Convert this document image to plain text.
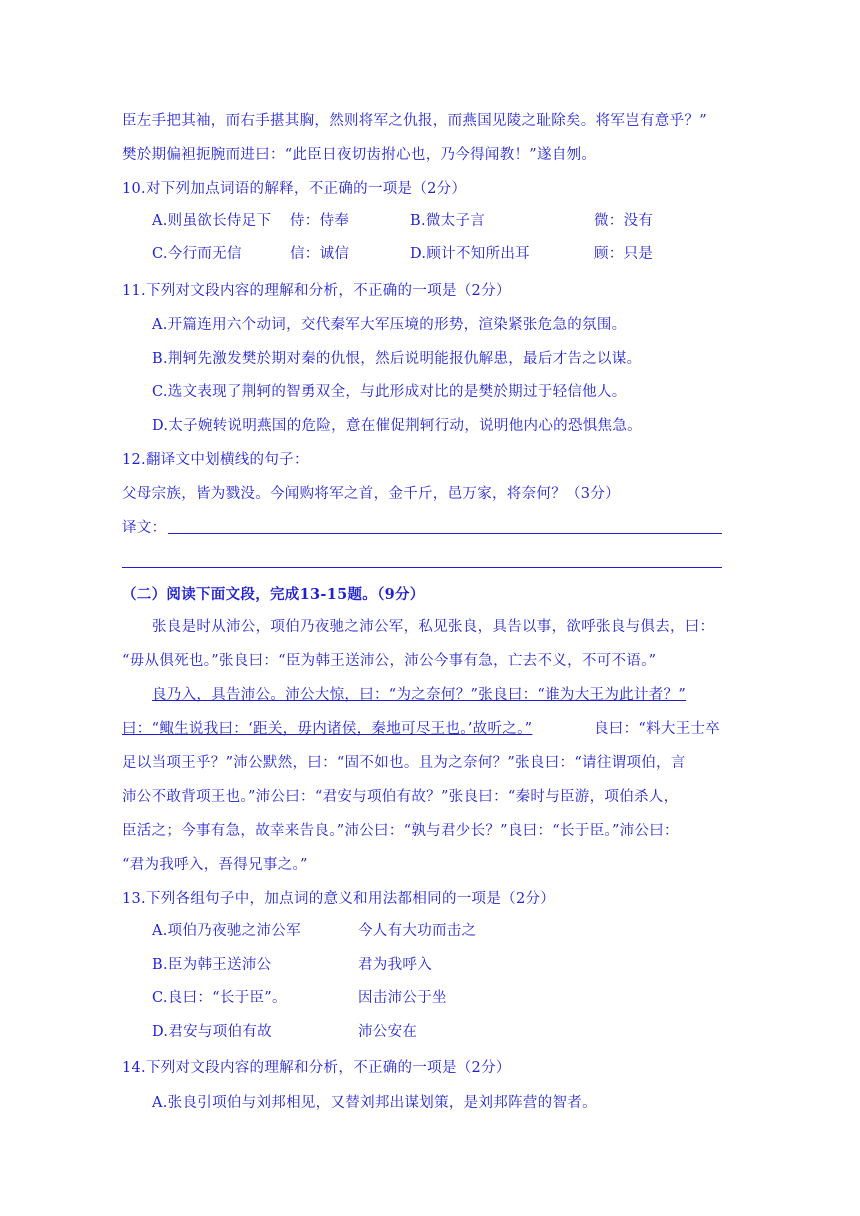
臣左手把其袖，而右手揕其胸，然则将军之仇报，而燕国见陵之耻除矣。将军岂有意乎？”
樊於期偏袒扼腕而进曰：“此臣日夜切齿拊心也，乃今得闻教！”遂自刎。
10.对下列加点词语的解释，不正确的一项是（2分）
A.则虽欲长侍足下 侍：侍奉	B.微太子言	微：没有
C.今行而无信	信：诚信	D.顾计不知所出耳	顾：只是
11.下列对文段内容的理解和分析，不正确的一项是（2分）
A.开篇连用六个动词，交代秦军大军压境的形势，渲染紧张危急的氛围。
B.荆轲先激发樊於期对秦的仇恨，然后说明能报仇解患，最后才告之以谋。
C.选文表现了荆轲的智勇双全，与此形成对比的是樊於期过于轻信他人。
D.太子婉转说明燕国的危险，意在催促荆轲行动，说明他内心的恐惧焦急。
12.翻译文中划横线的句子：
父母宗族，皆为戮没。今闻购将军之首，金千斤，邑万家，将奈何？（3分）
译文：
（二）阅读下面文段，完成13-15题。（9分）
张良是时从沛公，项伯乃夜驰之沛公军，私见张良，具告以事，欲呼张良与俱去，曰：
“毋从俱死也。”张良曰：“臣为韩王送沛公，沛公今事有急，亡去不义，不可不语。”
良乃入，具告沛公。沛公大惊，曰：“为之奈何？”张良曰：“谁为大王为此计者？”
曰：“鲰生说我曰：‘距关，毋内诸侯，秦地可尽王也。’故听之。”	良曰：“料大王士卒
足以当项王乎？”沛公默然，曰：“固不如也。且为之奈何？”张良曰：“请往谓项伯，言
沛公不敢背项王也。”沛公曰：“君安与项伯有故？”张良曰：“秦时与臣游，项伯杀人，
臣活之；今事有急，故幸来告良。”沛公曰：“孰与君少长？”良曰：“长于臣。”沛公曰：
“君为我呼入，吾得兄事之。”
13.下列各组句子中，加点词的意义和用法都相同的一项是（2分）
A.项伯乃夜驰之沛公军	今人有大功而击之
B.臣为韩王送沛公	君为我呼入
C.良曰：“长于臣”。	因击沛公于坐
D.君安与项伯有故	沛公安在
14.下列对文段内容的理解和分析，不正确的一项是（2分）
A.张良引项伯与刘邦相见，又替刘邦出谋划策，是刘邦阵营的智者。
